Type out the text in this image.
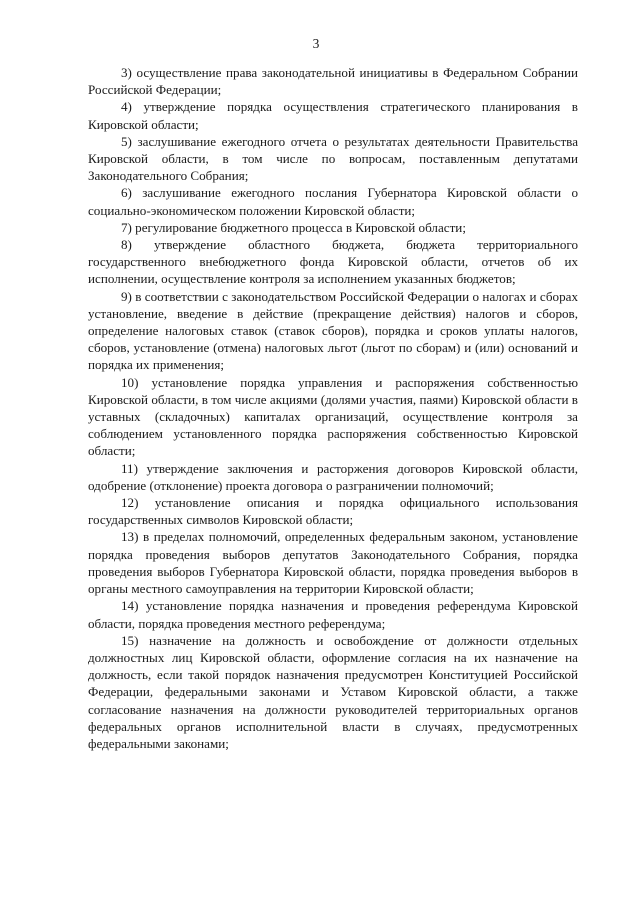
3

3) осуществление права законодательной инициативы в Федеральном Собрании Российской Федерации;

4) утверждение порядка осуществления стратегического планирования в Кировской области;

5) заслушивание ежегодного отчета о результатах деятельности Правительства Кировской области, в том числе по вопросам, поставленным депутатами Законодательного Собрания;

6) заслушивание ежегодного послания Губернатора Кировской области о социально-экономическом положении Кировской области;

7) регулирование бюджетного процесса в Кировской области;

8) утверждение областного бюджета, бюджета территориального государственного внебюджетного фонда Кировской области, отчетов об их исполнении, осуществление контроля за исполнением указанных бюджетов;

9) в соответствии с законодательством Российской Федерации о налогах и сборах установление, введение в действие (прекращение действия) налогов и сборов, определение налоговых ставок (ставок сборов), порядка и сроков уплаты налогов, сборов, установление (отмена) налоговых льгот (льгот по сборам) и (или) оснований и порядка их применения;

10) установление порядка управления и распоряжения собственностью Кировской области, в том числе акциями (долями участия, паями) Кировской области в уставных (складочных) капиталах организаций, осуществление контроля за соблюдением установленного порядка распоряжения собственностью Кировской области;

11) утверждение заключения и расторжения договоров Кировской области, одобрение (отклонение) проекта договора о разграничении полномочий;

12) установление описания и порядка официального использования государственных символов Кировской области;

13) в пределах полномочий, определенных федеральным законом, установление порядка проведения выборов депутатов Законодательного Собрания, порядка проведения выборов Губернатора Кировской области, порядка проведения выборов в органы местного самоуправления на территории Кировской области;

14) установление порядка назначения и проведения референдума Кировской области, порядка проведения местного референдума;

15) назначение на должность и освобождение от должности отдельных должностных лиц Кировской области, оформление согласия на их назначение на должность, если такой порядок назначения предусмотрен Конституцией Российской Федерации, федеральными законами и Уставом Кировской области, а также согласование назначения на должности руководителей территориальных органов федеральных органов исполнительной власти в случаях, предусмотренных федеральными законами;
